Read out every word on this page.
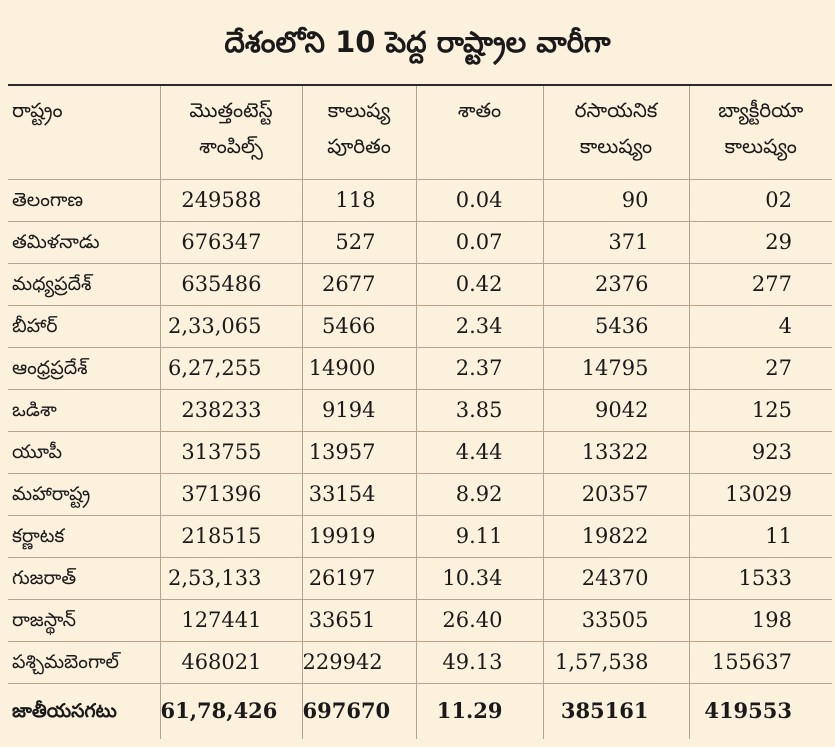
దేశంలోని 10 పెద్ద రాష్ట్రాల వారీగా
రాష్ట్రం	మొత్తంటెస్ట్ శాంపిల్స్	కాలుష్య పూరితం	శాతం	రసాయనిక కాలుష్యం	బ్యాక్టీరియా కాలుష్యం
తెలంగాణ	249588	118	0.04	90	02
తమిళనాడు	676347	527	0.07	371	29
మధ్యప్రదేశ్	635486	2677	0.42	2376	277
బీహార్	2,33,065	5466	2.34	5436	4
ఆంధ్రప్రదేశ్	6,27,255	14900	2.37	14795	27
ఒడిశా	238233	9194	3.85	9042	125
యూపీ	313755	13957	4.44	13322	923
మహారాష్ట్ర	371396	33154	8.92	20357	13029
కర్ణాటక	218515	19919	9.11	19822	11
గుజరాత్	2,53,133	26197	10.34	24370	1533
రాజస్థాన్	127441	33651	26.40	33505	198
పశ్చిమబెంగాల్	468021	229942	49.13	1,57,538	155637
జాతీయసగటు	61,78,426	697670	11.29	385161	419553
